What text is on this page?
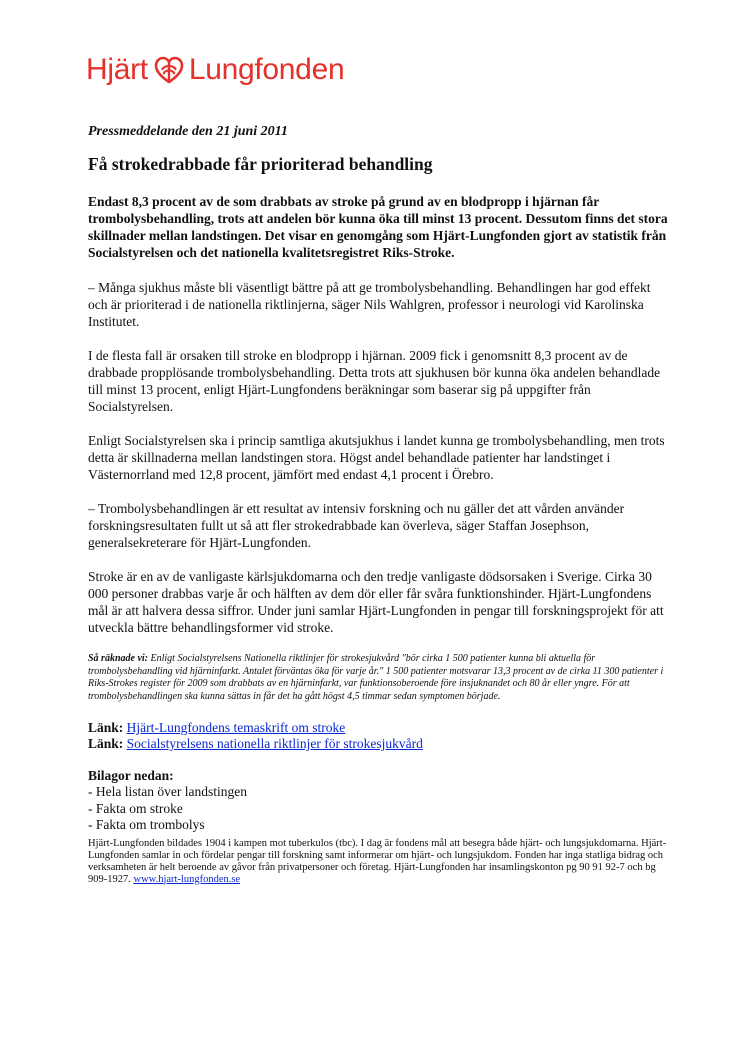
Hjärt Lungfonden
Pressmeddelande den 21 juni 2011
Få strokedrabbade får prioriterad behandling

Endast 8,3 procent av de som drabbats av stroke på grund av en blodpropp i hjärnan får trombolysbehandling, trots att andelen bör kunna öka till minst 13 procent. Dessutom finns det stora skillnader mellan landstingen. Det visar en genomgång som Hjärt-Lungfonden gjort av statistik från Socialstyrelsen och det nationella kvalitetsregistret Riks-Stroke.

– Många sjukhus måste bli väsentligt bättre på att ge trombolysbehandling. Behandlingen har god effekt och är prioriterad i de nationella riktlinjerna, säger Nils Wahlgren, professor i neurologi vid Karolinska Institutet.

I de flesta fall är orsaken till stroke en blodpropp i hjärnan. 2009 fick i genomsnitt 8,3 procent av de drabbade propplösande trombolysbehandling. Detta trots att sjukhusen bör kunna öka andelen behandlade till minst 13 procent, enligt Hjärt-Lungfondens beräkningar som baserar sig på uppgifter från Socialstyrelsen.

Enligt Socialstyrelsen ska i princip samtliga akutsjukhus i landet kunna ge trombolysbehandling, men trots detta är skillnaderna mellan landstingen stora. Högst andel behandlade patienter har landstinget i Västernorrland med 12,8 procent, jämfört med endast 4,1 procent i Örebro.

– Trombolysbehandlingen är ett resultat av intensiv forskning och nu gäller det att vården använder forskningsresultaten fullt ut så att fler strokedrabbade kan överleva, säger Staffan Josephson, generalsekreterare för Hjärt-Lungfonden.

Stroke är en av de vanligaste kärlsjukdomarna och den tredje vanligaste dödsorsaken i Sverige. Cirka 30 000 personer drabbas varje år och hälften av dem dör eller får svåra funktionshinder. Hjärt-Lungfondens mål är att halvera dessa siffror. Under juni samlar Hjärt-Lungfonden in pengar till forskningsprojekt för att utveckla bättre behandlingsformer vid stroke.

Så räknade vi: Enligt Socialstyrelsens Nationella riktlinjer för strokesjukvård "bör cirka 1 500 patienter kunna bli aktuella för trombolysbehandling vid hjärninfarkt. Antalet förväntas öka för varje år." 1 500 patienter motsvarar 13,3 procent av de cirka 11 300 patienter i Riks-Strokes register för 2009 som drabbats av en hjärninfarkt, var funktionsoberoende före insjuknandet och 80 år eller yngre. För att trombolysbehandlingen ska kunna sättas in får det ha gått högst 4,5 timmar sedan symptomen började.

Länk: Hjärt-Lungfondens temaskrift om stroke
Länk: Socialstyrelsens nationella riktlinjer för strokesjukvård
Bilagor nedan:
- Hela listan över landstingen
- Fakta om stroke
- Fakta om trombolys
Hjärt-Lungfonden bildades 1904 i kampen mot tuberkulos (tbc). I dag är fondens mål att besegra både hjärt- och lungsjukdomarna. Hjärt-Lungfonden samlar in och fördelar pengar till forskning samt informerar om hjärt- och lungsjukdom. Fonden har inga statliga bidrag och verksamheten är helt beroende av gåvor från privatpersoner och företag. Hjärt-Lungfonden har insamlingskonton pg 90 91 92-7 och bg 909-1927. www.hjart-lungfonden.se
